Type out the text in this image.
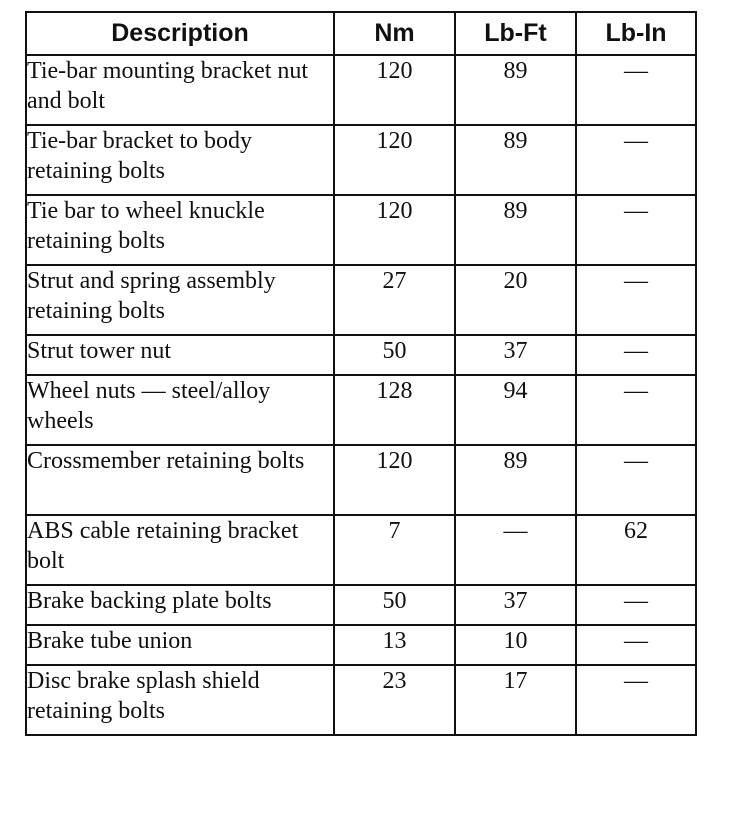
Description	Nm	Lb-Ft	Lb-In
Tie-bar mounting bracket nut and bolt	120	89	—
Tie-bar bracket to body retaining bolts	120	89	—
Tie bar to wheel knuckle retaining bolts	120	89	—
Strut and spring assembly retaining bolts	27	20	—
Strut tower nut	50	37	—
Wheel nuts — steel/alloy wheels	128	94	—
Crossmember retaining bolts	120	89	—
ABS cable retaining bracket bolt	7	—	62
Brake backing plate bolts	50	37	—
Brake tube union	13	10	—
Disc brake splash shield retaining bolts	23	17	—
